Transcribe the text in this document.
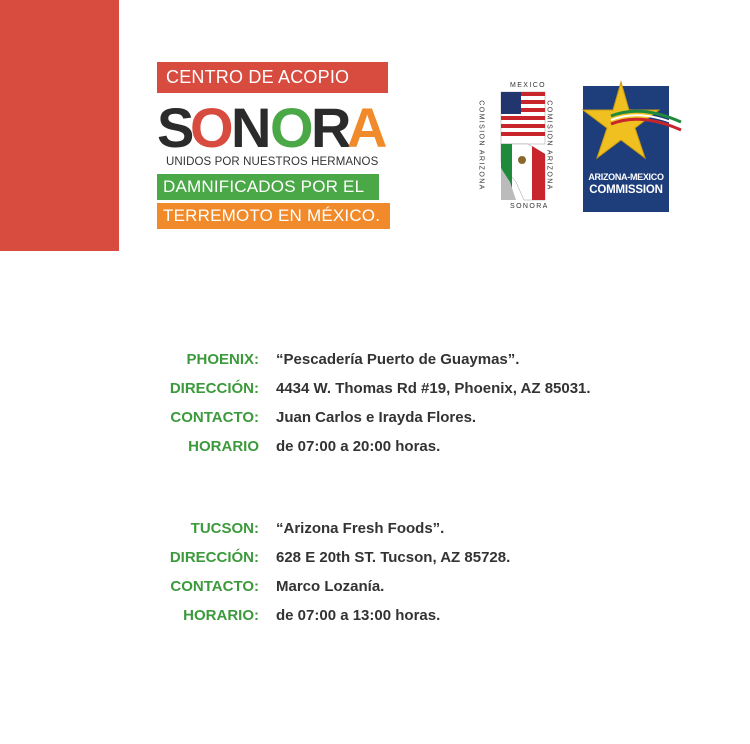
CENTRO DE ACOPIO
S O N O R A
UNIDOS POR NUESTROS HERMANOS
DAMNIFICADOS POR EL
TERREMOTO EN MÉXICO.
MEXICO
SONORA
COMISION ARIZONA	COMISION ARIZONA	ARIZONA-MEXICO
COMMISSION
PHOENIX: “Pescadería Puerto de Guaymas”.
DIRECCIÓN: 4434 W. Thomas Rd #19, Phoenix, AZ 85031.
CONTACTO: Juan Carlos e Irayda Flores.
HORARIO de 07:00 a 20:00 horas.
TUCSON: “Arizona Fresh Foods”.
DIRECCIÓN: 628 E 20th ST. Tucson, AZ 85728.
CONTACTO: Marco Lozanía.
HORARIO: de 07:00 a 13:00 horas.
